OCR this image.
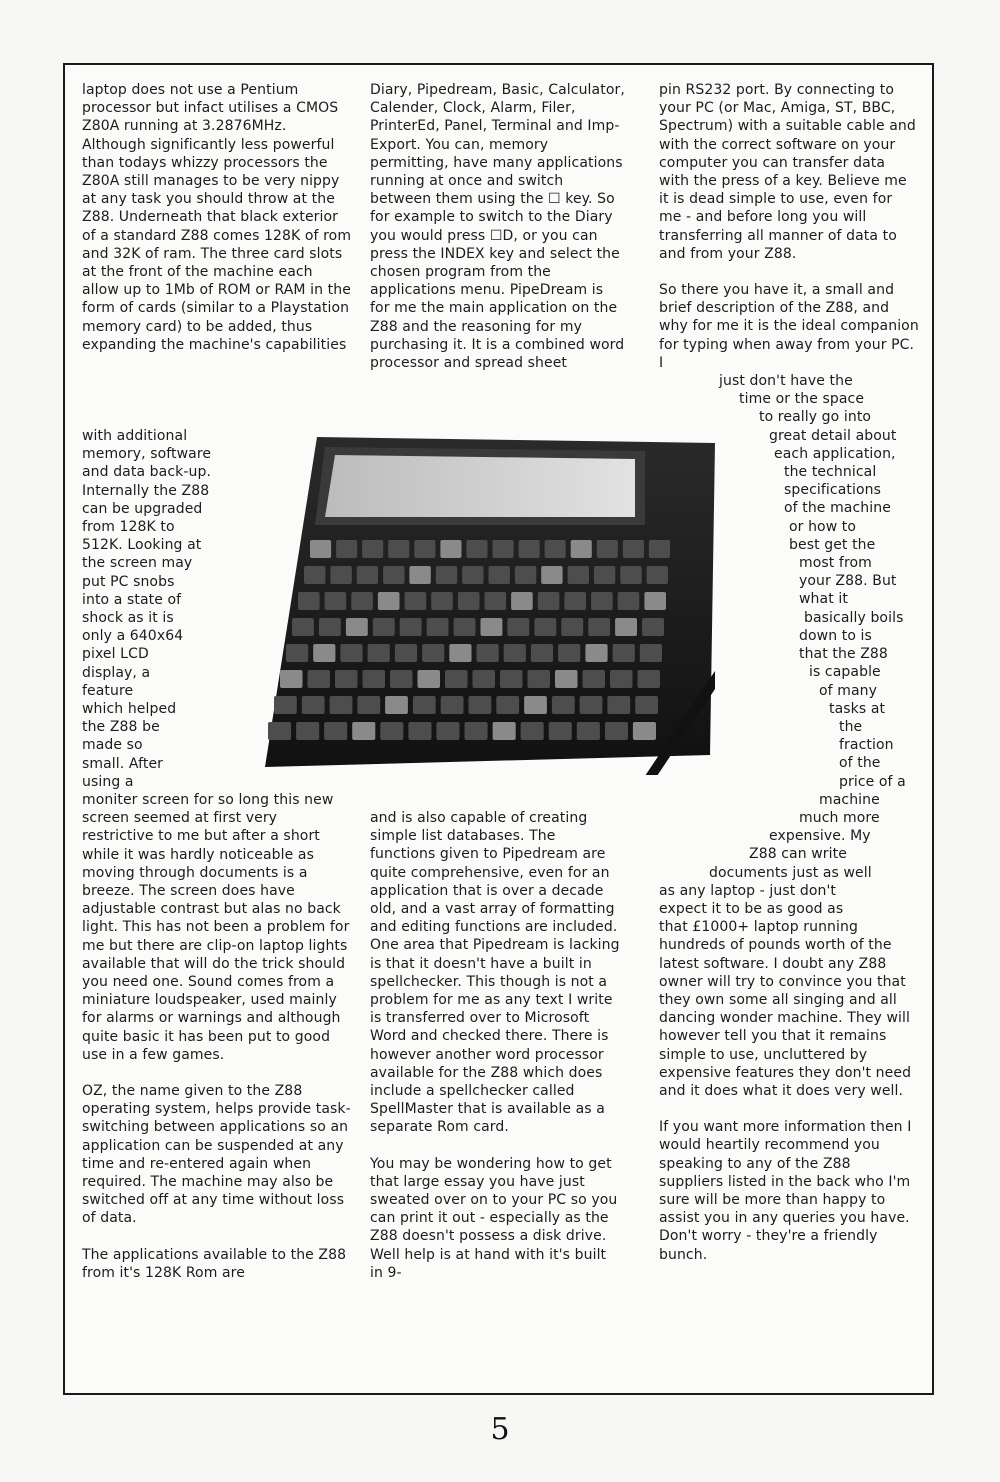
laptop does not use a Pentium processor but infact utilises a CMOS Z80A running at 3.2876MHz. Although significantly less powerful than todays whizzy processors the Z80A still manages to be very nippy at any task you should throw at the Z88. Underneath that black exterior of a standard Z88 comes 128K of rom and 32K of ram. The three card slots at the front of the machine each allow up to 1Mb of ROM or RAM in the form of cards (similar to a Playstation memory card) to be added, thus expanding the machine's capabilities

with additional
memory, software
and data back-up.
Internally the Z88
can be upgraded
from 128K to
512K. Looking at
the screen may
put PC snobs
into a state of
shock as it is
only a 640x64
pixel LCD
display, a
feature
which helped
the Z88 be
made so
small. After
using a

moniter screen for so long this new screen seemed at first very restrictive to me but after a short while it was hardly noticeable as moving through documents is a breeze. The screen does have adjustable contrast but alas no back light. This has not been a problem for me but there are clip-on laptop lights available that will do the trick should you need one. Sound comes from a miniature loudspeaker, used mainly for alarms or warnings and although quite basic it has been put to good use in a few games.

OZ, the name given to the Z88 operating system, helps provide task-switching between applications so an application can be suspended at any time and re-entered again when required. The machine may also be switched off at any time without loss of data.

The applications available to the Z88 from it's 128K Rom are

Diary, Pipedream, Basic, Calculator, Calender, Clock, Alarm, Filer, PrinterEd, Panel, Terminal and Imp-Export. You can, memory permitting, have many applications running at once and switch between them using the ☐ key. So for example to switch to the Diary you would press ☐D, or you can press the INDEX key and select the chosen program from the applications menu. PipeDream is for me the main application on the Z88 and the reasoning for my purchasing it. It is a combined word processor and spread sheet

and is also capable of creating simple list databases. The functions given to Pipedream are quite comprehensive, even for an application that is over a decade old, and a vast array of formatting and editing functions are included. One area that Pipedream is lacking is that it doesn't have a built in spellchecker. This though is not a problem for me as any text I write is transferred over to Microsoft Word and checked there. There is however another word processor available for the Z88 which does include a spellchecker called SpellMaster that is available as a separate Rom card.

You may be wondering how to get that large essay you have just sweated over on to your PC so you can print it out - especially as the Z88 doesn't possess a disk drive. Well help is at hand with it's built in 9-

pin RS232 port. By connecting to your PC (or Mac, Amiga, ST, BBC, Spectrum) with a suitable cable and with the correct software on your computer you can transfer data with the press of a key. Believe me it is dead simple to use, even for me - and before long you will transferring all manner of data to and from your Z88.

So there you have it, a small and brief description of the Z88, and why for me it is the ideal companion for typing when away from your PC. I

just don't have the
time or the space
to really go into
great detail about
each application,
the technical
specifications
of the machine
or how to
best get the
most from
your Z88. But
what it
basically boils
down to is
that the Z88
is capable
of many
tasks at
the
fraction
of the
price of a
machine
much more
expensive. My
Z88 can write
documents just as well
as any laptop - just don't
expect it to be as good as

that £1000+ laptop running hundreds of pounds worth of the latest software. I doubt any Z88 owner will try to convince you that they own some all singing and all dancing wonder machine. They will however tell you that it remains simple to use, uncluttered by expensive features they don't need and it does what it does very well.

If you want more information then I would heartily recommend you speaking to any of the Z88 suppliers listed in the back who I'm sure will be more than happy to assist you in any queries you have. Don't worry - they're a friendly bunch.

5
